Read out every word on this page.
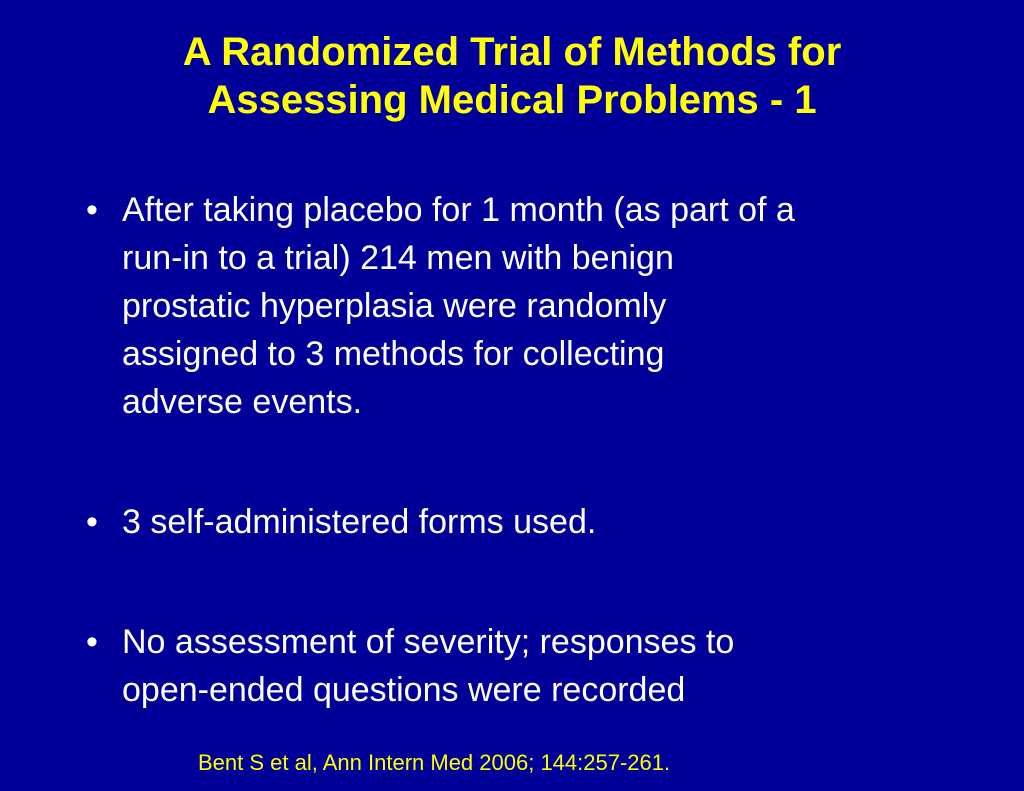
A Randomized Trial of Methods for
Assessing Medical Problems - 1
• After taking placebo for 1 month (as part of a
run-in to a trial) 214 men with benign
prostatic hyperplasia were randomly
assigned to 3 methods for collecting
adverse events.
• 3 self-administered forms used.
• No assessment of severity; responses to
open-ended questions were recorded
Bent S et al, Ann Intern Med 2006; 144:257-261.
